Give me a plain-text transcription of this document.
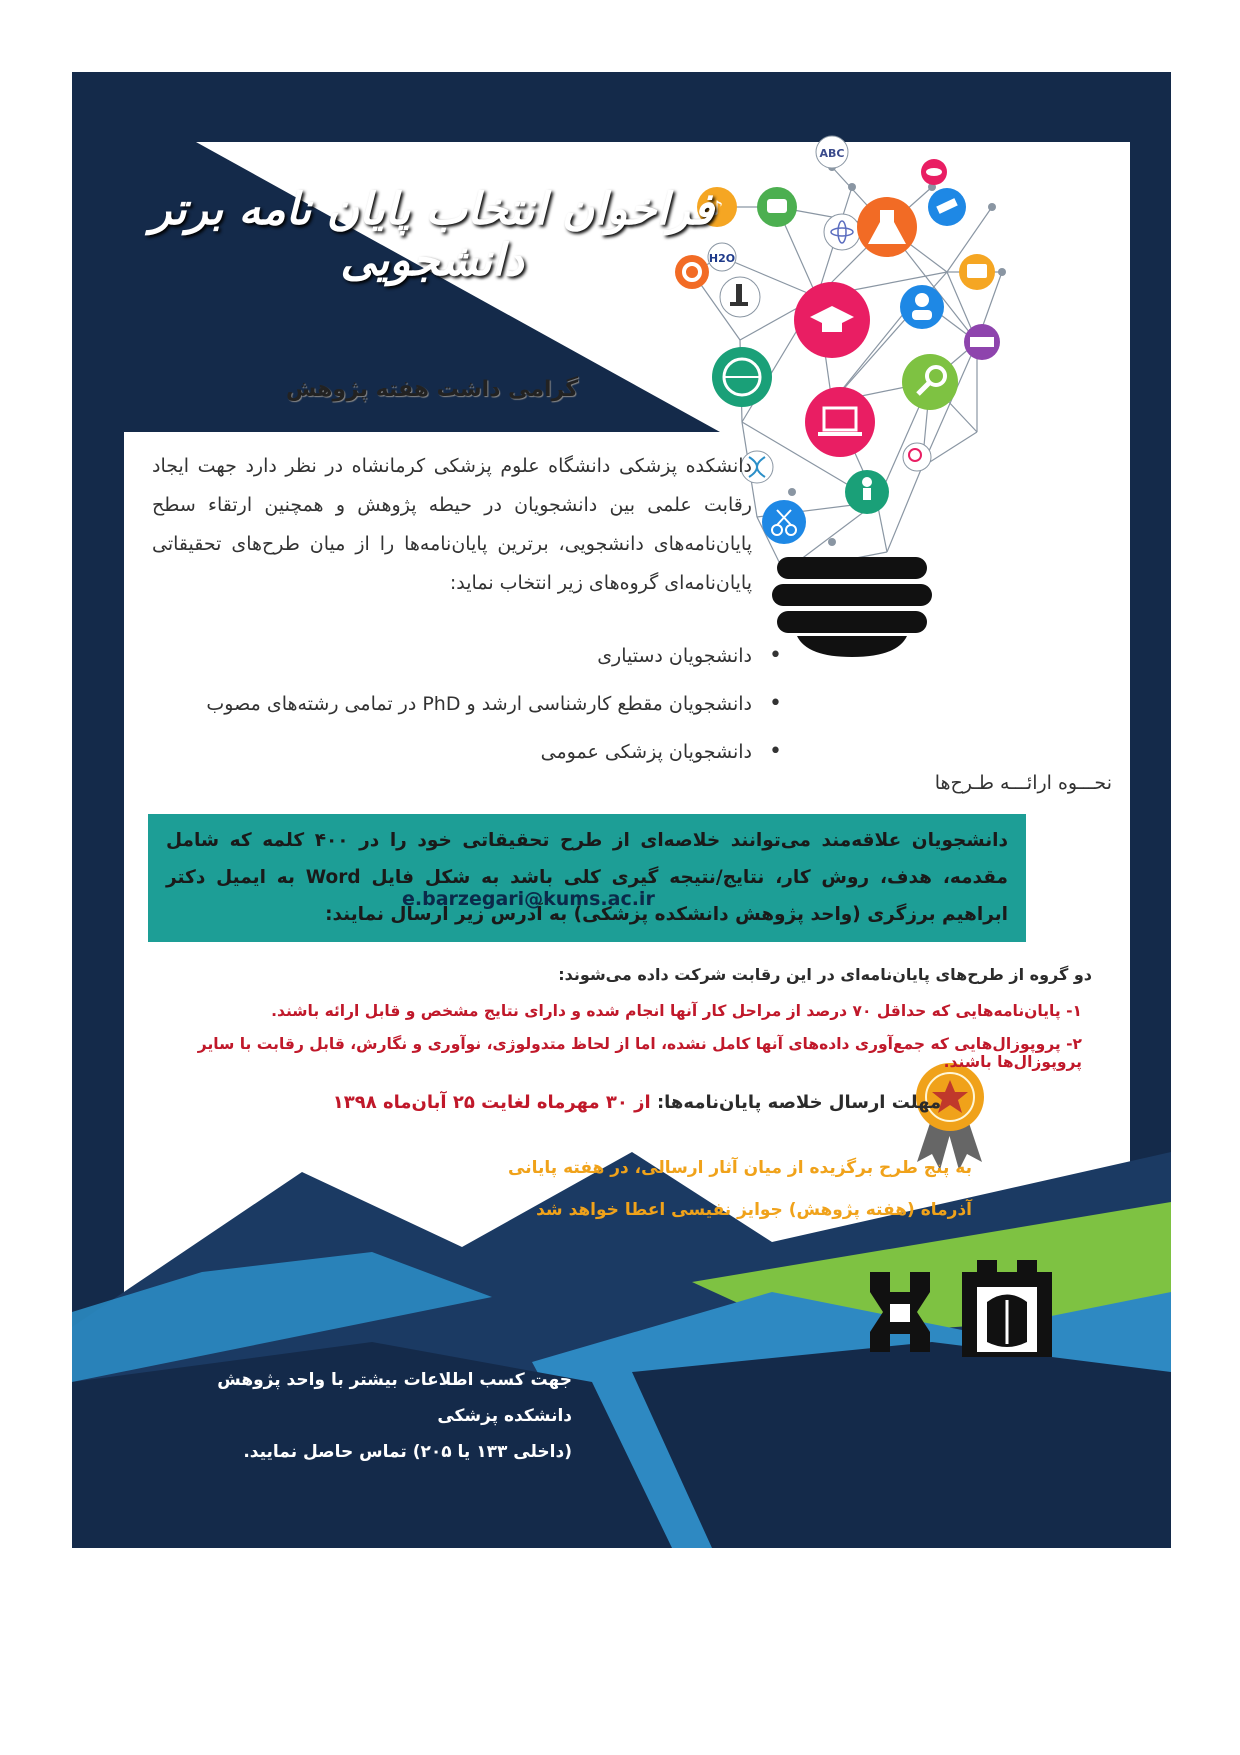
♪
ABC
H2O
فراخوان انتخاب پایان نامه برتر دانشجویی
گرامی داشت هفته پژوهش
دانشکده پزشکی دانشگاه علوم پزشکی کرمانشاه در نظر دارد جهت ایجاد رقابت علمی بین دانشجویان در حیطه پژوهش و همچنین ارتقاء سطح پایان‌نامه‌های دانشجویی، برترین پایان‌نامه‌ها را از میان طرح‌های تحقیقاتی پایان‌نامه‌ای گروه‌های زیر انتخاب نماید:
• دانشجویان دستیاری
• دانشجویان مقطع کارشناسی ارشد و PhD در تمامی رشته‌های مصوب
• دانشجویان پزشکی عمومی
نحـــوه ارائـــه طـرح‌ها
دانشجویان علاقه‌مند می‌توانند خلاصه‌ای از طرح تحقیقاتی خود را در ۴۰۰ کلمه که شامل مقدمه، هدف، روش کار، نتایج/نتیجه گیری کلی باشد به شکل فایل Word به ایمیل دکتر ابراهیم برزگری (واحد پژوهش دانشکده پزشکی) به آدرس زیر ارسال نمایند:
e.barzegari@kums.ac.ir
دو گروه از طرح‌های پایان‌نامه‌ای در این رقابت شرکت داده می‌شوند:
۱- پایان‌نامه‌هایی که حداقل ۷۰ درصد از مراحل کار آنها انجام شده و دارای نتایج مشخص و قابل ارائه باشند.
۲- پروپوزال‌هایی که جمع‌آوری داده‌های آنها کامل نشده، اما از لحاظ متدولوژی، نوآوری و نگارش، قابل رقابت با سایر پروپوزال‌ها باشند.
مهلت ارسال خلاصه پایان‌نامه‌ها: از ۳۰ مهرماه لغایت ۲۵ آبان‌ماه ۱۳۹۸
به پنج طرح برگزیده از میان آثار ارسالی، در هفته پایانی
آذرماه (هفته پژوهش) جوایز نفیسی اعطا خواهد شد
جهت کسب اطلاعات بیشتر با واحد پژوهش دانشکده پزشکی
(داخلی ۱۳۳ یا ۲۰۵) تماس حاصل نمایید.
